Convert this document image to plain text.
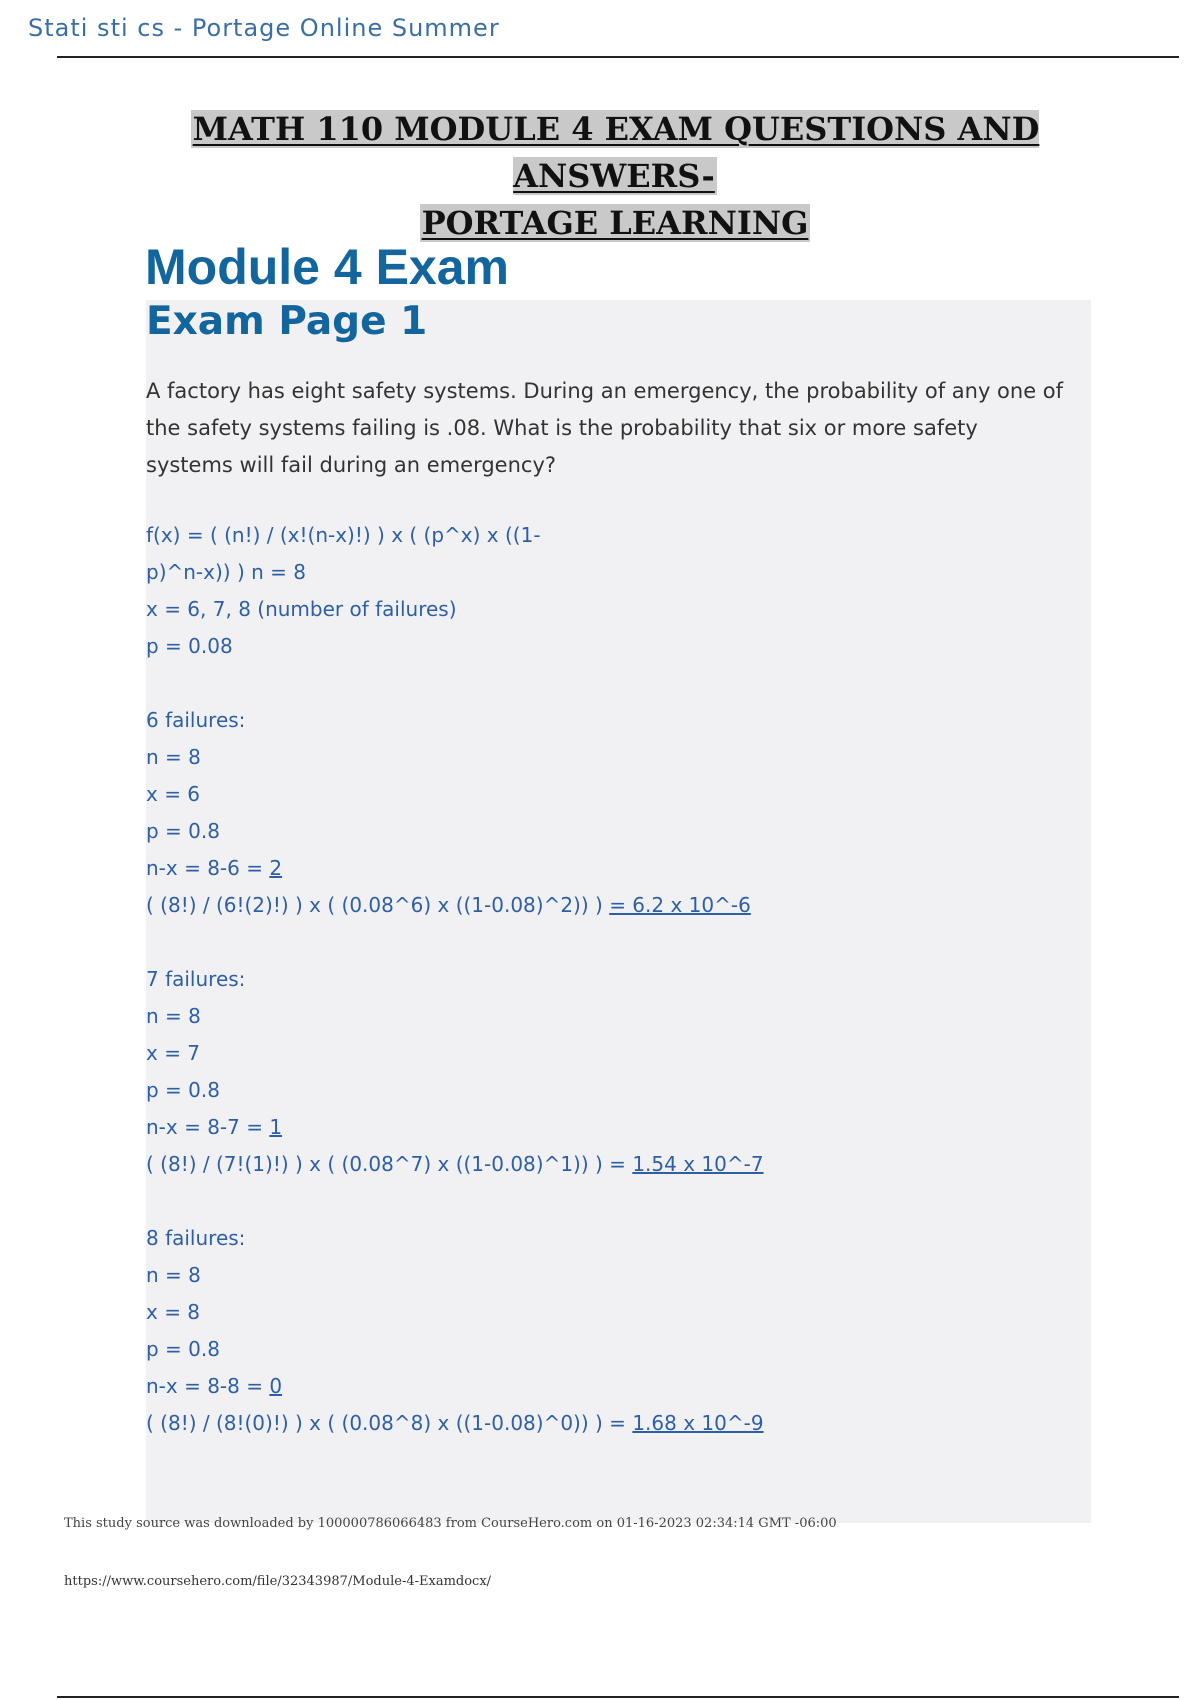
Stati sti cs - Portage Online Summer
MATH 110 MODULE 4 EXAM QUESTIONS AND ANSWERS-
PORTAGE LEARNING
Module 4 Exam
Exam Page 1
A factory has eight safety systems. During an emergency, the probability of any one of the safety systems failing is .08. What is the probability that six or more safety systems will fail during an emergency?
f(x) = ( (n!) / (x!(n-x)!) ) x ( (p^x) x ((1-
p)^n-x)) ) n = 8
x = 6, 7, 8 (number of failures)
p = 0.08
6 failures:
n = 8
x = 6
p = 0.8
n-x = 8-6 = 2
( (8!) / (6!(2)!) ) x ( (0.08^6) x ((1-0.08)^2)) ) = 6.2 x 10^-6
7 failures:
n = 8
x = 7
p = 0.8
n-x = 8-7 = 1
( (8!) / (7!(1)!) ) x ( (0.08^7) x ((1-0.08)^1)) ) = 1.54 x 10^-7
8 failures:
n = 8
x = 8
p = 0.8
n-x = 8-8 = 0
( (8!) / (8!(0)!) ) x ( (0.08^8) x ((1-0.08)^0)) ) = 1.68 x 10^-9
This study source was downloaded by 100000786066483 from CourseHero.com on 01-16-2023 02:34:14 GMT -06:00
https://www.coursehero.com/file/32343987/Module-4-Examdocx/
